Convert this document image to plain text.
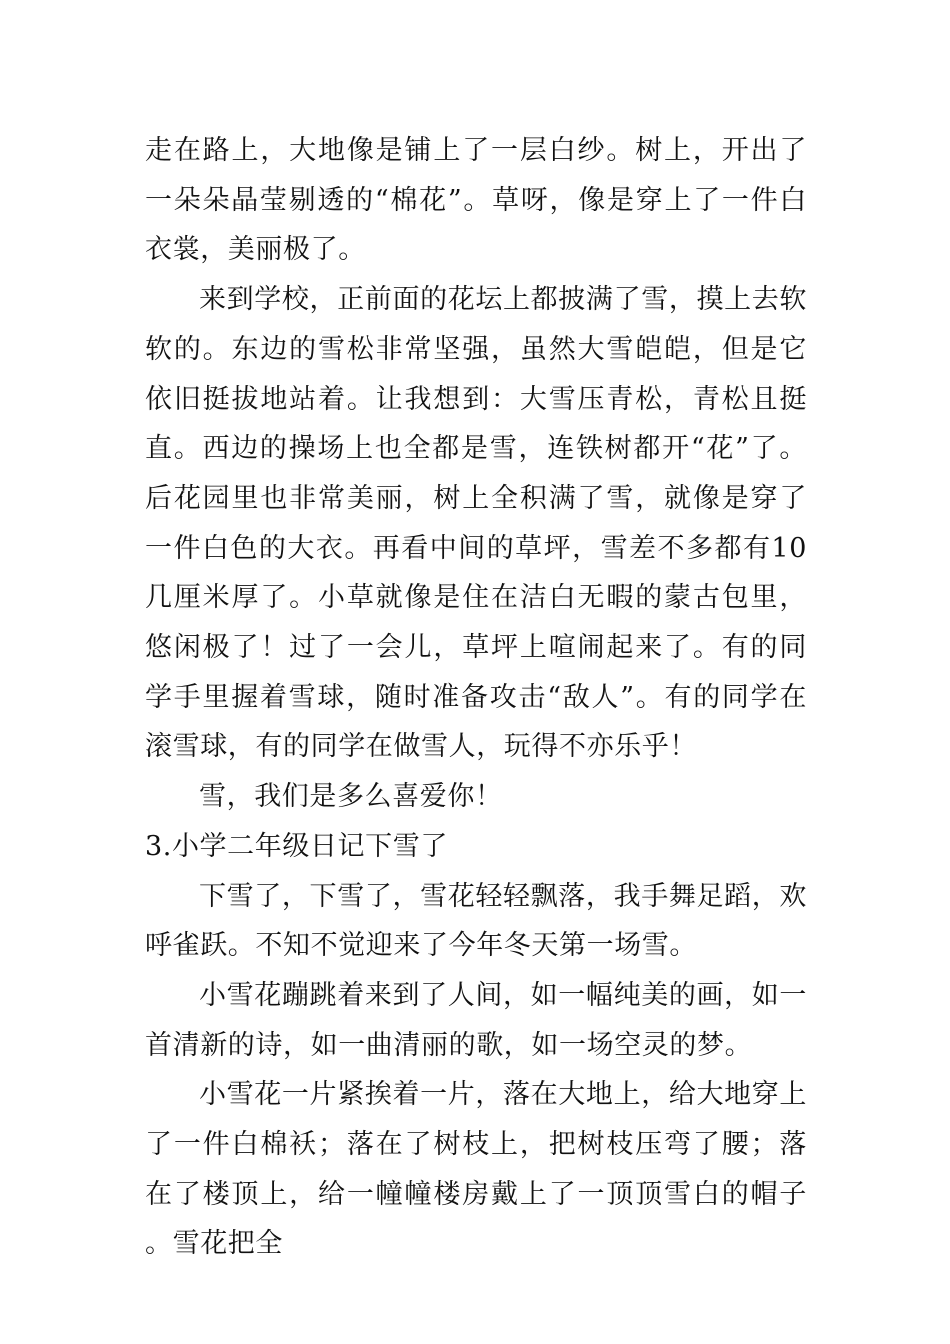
走在路上，大地像是铺上了一层白纱。树上，开出了一朵朵晶莹剔透的“棉花”。草呀，像是穿上了一件白衣裳，美丽极了。

来到学校，正前面的花坛上都披满了雪，摸上去软软的。东边的雪松非常坚强，虽然大雪皑皑，但是它依旧挺拔地站着。让我想到：大雪压青松，青松且挺直。西边的操场上也全都是雪，连铁树都开“花”了。后花园里也非常美丽，树上全积满了雪，就像是穿了一件白色的大衣。再看中间的草坪，雪差不多都有10几厘米厚了。小草就像是住在洁白无暇的蒙古包里，悠闲极了！过了一会儿，草坪上喧闹起来了。有的同学手里握着雪球，随时准备攻击“敌人”。有的同学在滚雪球，有的同学在做雪人，玩得不亦乐乎！

雪，我们是多么喜爱你！

3.小学二年级日记下雪了

下雪了，下雪了，雪花轻轻飘落，我手舞足蹈，欢呼雀跃。不知不觉迎来了今年冬天第一场雪。

小雪花蹦跳着来到了人间，如一幅纯美的画，如一首清新的诗，如一曲清丽的歌，如一场空灵的梦。

小雪花一片紧挨着一片，落在大地上，给大地穿上了一件白棉袄；落在了树枝上，把树枝压弯了腰；落在了楼顶上，给一幢幢楼房戴上了一顶顶雪白的帽子。雪花把全
